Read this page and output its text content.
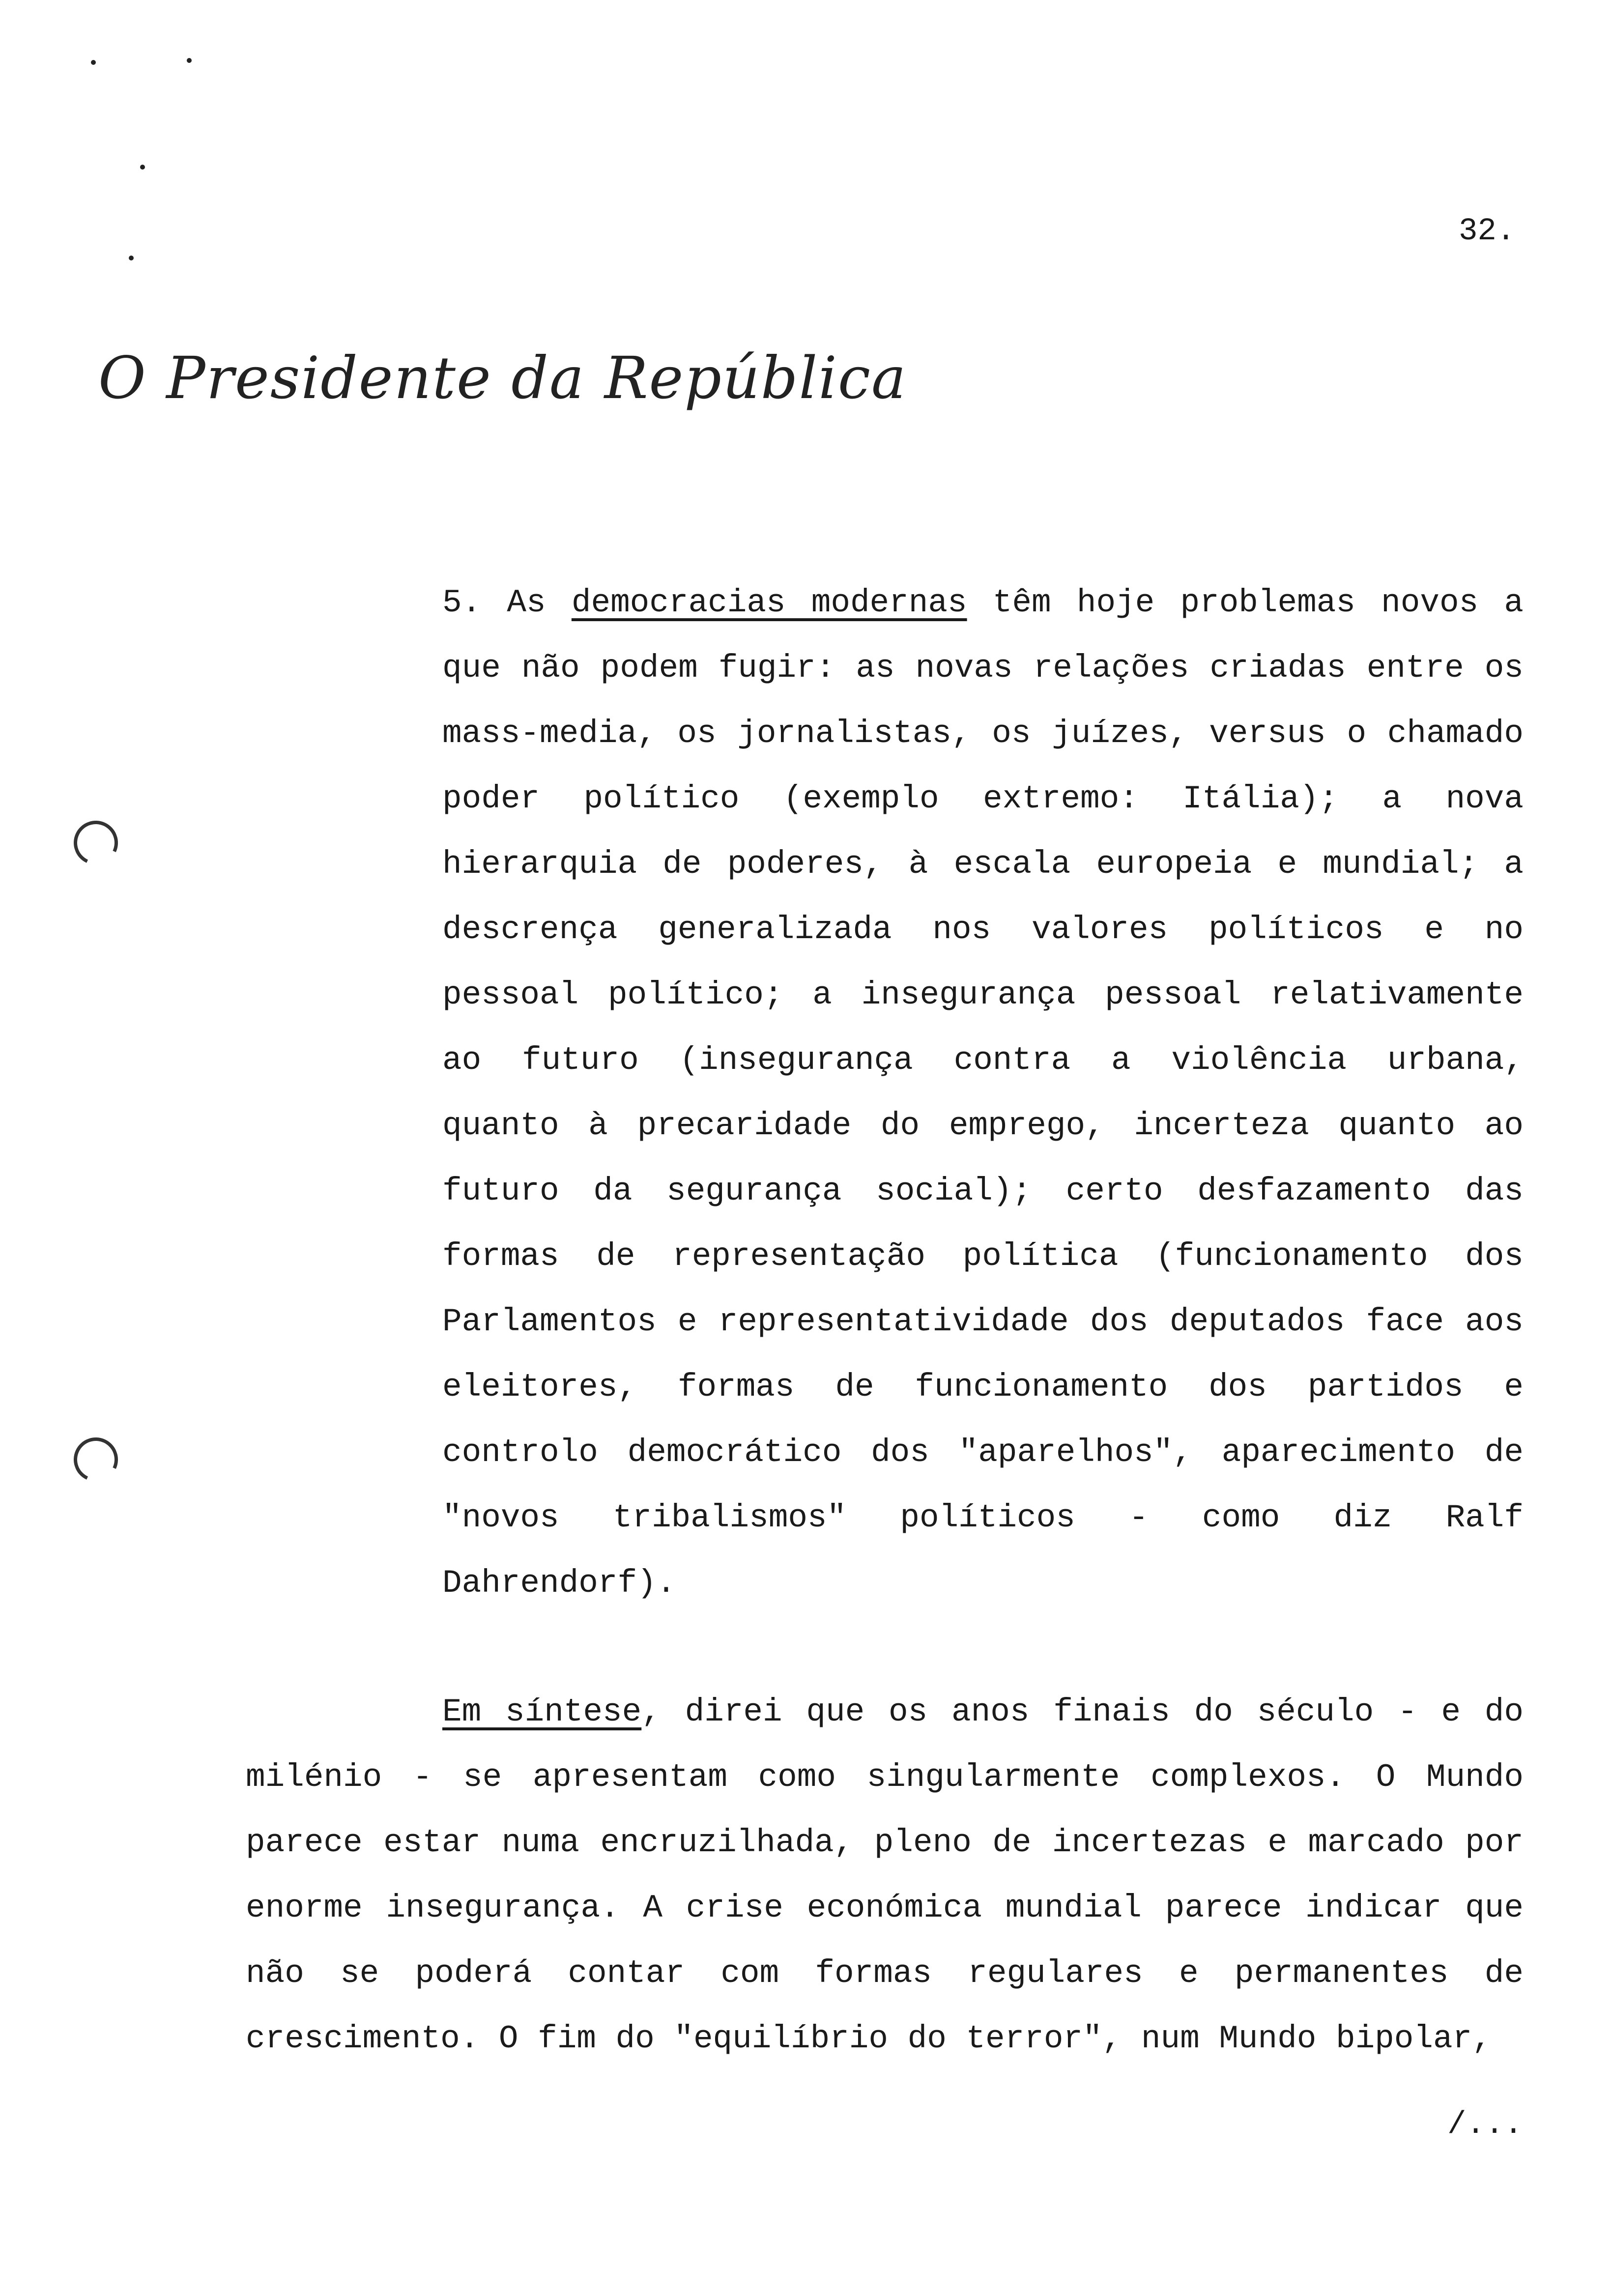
32.
O Presidente da República
5. As democracias modernas têm hoje problemas novos a que não podem fugir: as novas relações criadas entre os mass-media, os jornalistas, os juízes, versus o chamado poder político (exemplo extremo: Itália); a nova hierarquia de poderes, à escala europeia e mundial; a descrença generalizada nos valores políticos e no pessoal político; a insegurança pessoal relativamente ao futuro (insegurança contra a violência urbana, quanto à precaridade do emprego, incerteza quanto ao futuro da segurança social); certo desfazamento das formas de representação política (funcionamento dos Parlamentos e representatividade dos deputados face aos eleitores, formas de funcionamento dos partidos e controlo democrático dos "aparelhos", aparecimento de "novos tribalismos" políticos - como diz Ralf Dahrendorf).
Em síntese, direi que os anos finais do século - e do milénio - se apresentam como singularmente complexos. O Mundo parece estar numa encruzilhada, pleno de incertezas e marcado por enorme insegurança. A crise económica mundial parece indicar que não se poderá contar com formas regulares e permanentes de crescimento. O fim do "equilíbrio do terror", num Mundo bipolar,
/...
